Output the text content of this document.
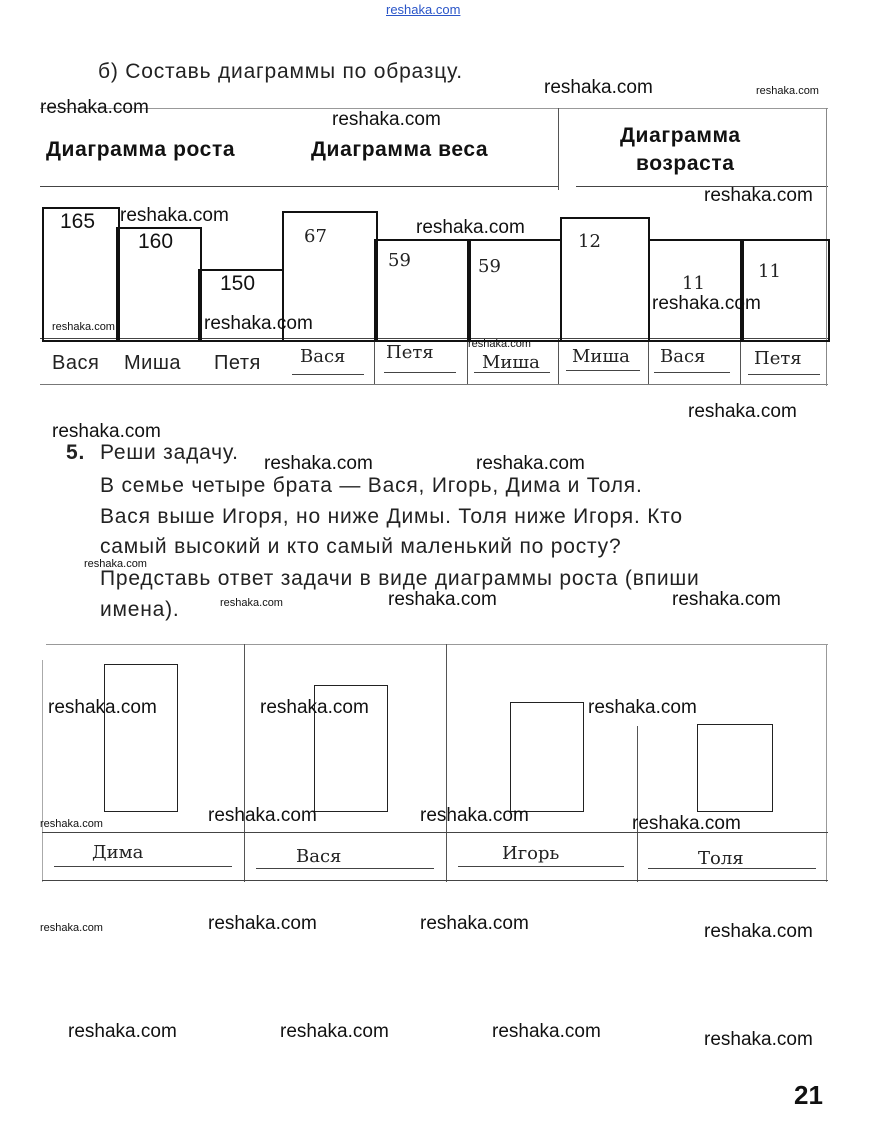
reshaka.com
б) Составь диаграммы по образцу.
Диаграмма роста	Диаграмма веса
Диаграмма
возраста
165
160
150
Вася Миша Петя
67
59	59
Вася Петя	Миша
12
11
11
Миша Вася	Петя
5. Реши задачу.
В семье четыре брата — Вася, Игорь, Дима и Толя.
Вася выше Игоря, но ниже Димы. Толя ниже Игоря. Кто
самый высокий и кто самый маленький по росту?
Представь ответ задачи в виде диаграммы роста (впиши
имена).
Дима	Вася	Игорь	Толя
21
reshaka.com	reshaka.com
reshaka.com
reshaka.com
reshaka.com
reshaka.com
reshaka.com
reshaka.com
reshaka.com
reshaka.com
reshaka.com
reshaka.com
reshaka.com
reshaka.com	reshaka.com
reshaka.com
reshaka.com	reshaka.com
reshaka.com
reshaka.com	reshaka.com	reshaka.com
reshaka.com	reshaka.com	reshaka.com
reshaka.com
reshaka.com	reshaka.com
reshaka.com	reshaka.com
reshaka.com	reshaka.com	reshaka.com	reshaka.com
